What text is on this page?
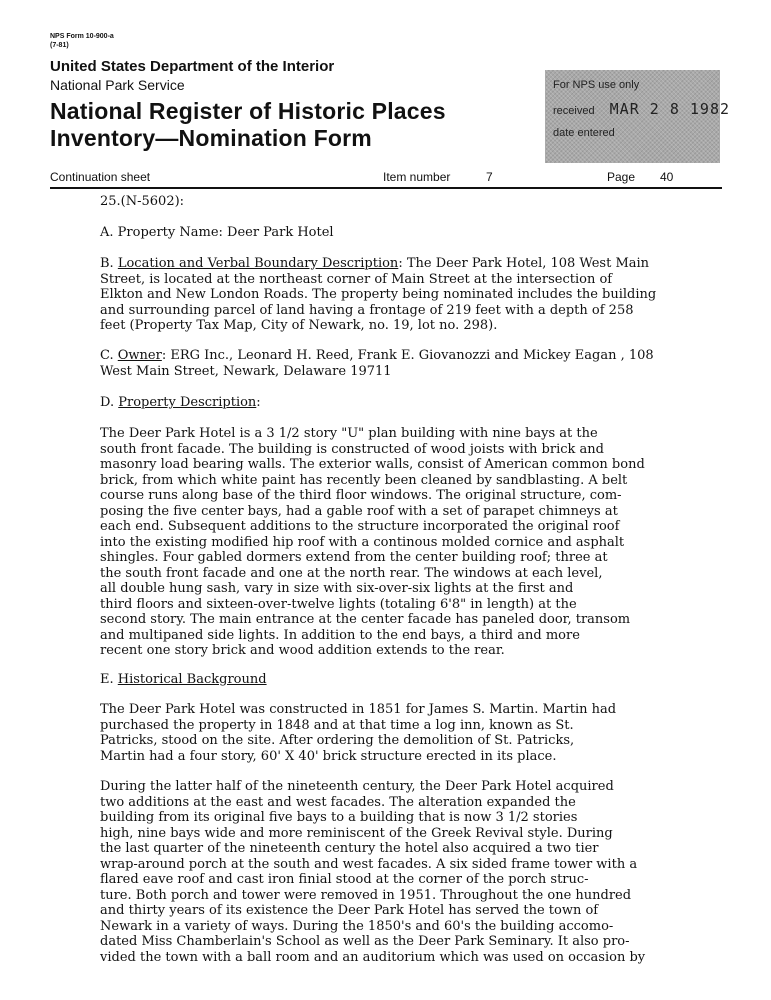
NPS Form 10-900-a
(7-81)
United States Department of the Interior
National Park Service
National Register of Historic Places
Inventory—Nomination Form
For NPS use only
received MAR 2 8 1982
date entered
Continuation sheet	Item number	7	Page 40
25.(N-5602):
A. Property Name: Deer Park Hotel

B. Location and Verbal Boundary Description: The Deer Park Hotel, 108 West Main

Street, is located at the northeast corner of Main Street at the intersection of

Elkton and New London Roads. The property being nominated includes the building

and surrounding parcel of land having a frontage of 219 feet with a depth of 258

feet (Property Tax Map, City of Newark, no. 19, lot no. 298).

C. Owner: ERG Inc., Leonard H. Reed, Frank E. Giovanozzi and Mickey Eagan , 108

West Main Street, Newark, Delaware 19711

D. Property Description:

The Deer Park Hotel is a 3 1/2 story "U" plan building with nine bays at the

south front facade. The building is constructed of wood joists with brick and

masonry load bearing walls. The exterior walls, consist of American common bond

brick, from which white paint has recently been cleaned by sandblasting. A belt

course runs along base of the third floor windows. The original structure, com-

posing the five center bays, had a gable roof with a set of parapet chimneys at

each end. Subsequent additions to the structure incorporated the original roof

into the existing modified hip roof with a continous molded cornice and asphalt

shingles. Four gabled dormers extend from the center building roof; three at

the south front facade and one at the north rear. The windows at each level,

all double hung sash, vary in size with six-over-six lights at the first and

third floors and sixteen-over-twelve lights (totaling 6'8" in length) at the

second story. The main entrance at the center facade has paneled door, transom

and multipaned side lights. In addition to the end bays, a third and more

recent one story brick and wood addition extends to the rear.

E. Historical Background

The Deer Park Hotel was constructed in 1851 for James S. Martin. Martin had

purchased the property in 1848 and at that time a log inn, known as St.

Patricks, stood on the site. After ordering the demolition of St. Patricks,

Martin had a four story, 60' X 40' brick structure erected in its place.

During the latter half of the nineteenth century, the Deer Park Hotel acquired

two additions at the east and west facades. The alteration expanded the

building from its original five bays to a building that is now 3 1/2 stories

high, nine bays wide and more reminiscent of the Greek Revival style. During

the last quarter of the nineteenth century the hotel also acquired a two tier

wrap-around porch at the south and west facades. A six sided frame tower with a

flared eave roof and cast iron finial stood at the corner of the porch struc-

ture. Both porch and tower were removed in 1951. Throughout the one hundred

and thirty years of its existence the Deer Park Hotel has served the town of

Newark in a variety of ways. During the 1850's and 60's the building accomo-

dated Miss Chamberlain's School as well as the Deer Park Seminary. It also pro-

vided the town with a ball room and an auditorium which was used on occasion by
